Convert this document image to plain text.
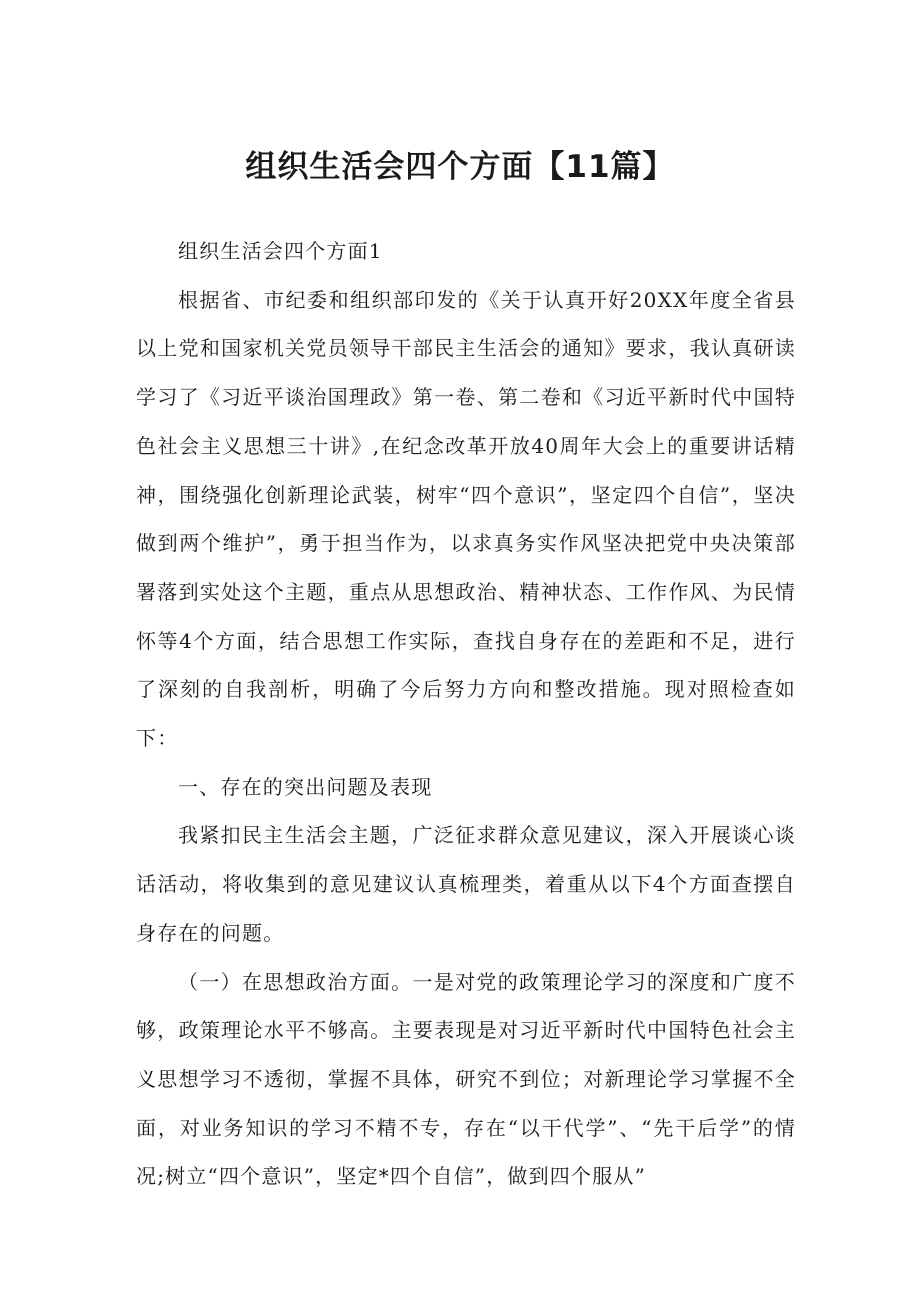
组织生活会四个方面【11篇】

组织生活会四个方面1

根据省、市纪委和组织部印发的《关于认真开好20XX年度全省县以上党和国家机关党员领导干部民主生活会的通知》要求，我认真研读学习了《习近平谈治国理政》第一卷、第二卷和《习近平新时代中国特色社会主义思想三十讲》,在纪念改革开放40周年大会上的重要讲话精神，围绕强化创新理论武装，树牢“四个意识”，坚定四个自信”，坚决做到两个维护”，勇于担当作为，以求真务实作风坚决把党中央决策部署落到实处这个主题，重点从思想政治、精神状态、工作作风、为民情怀等4个方面，结合思想工作实际，查找自身存在的差距和不足，进行了深刻的自我剖析，明确了今后努力方向和整改措施。现对照检查如下：

一、存在的突出问题及表现

我紧扣民主生活会主题，广泛征求群众意见建议，深入开展谈心谈话活动，将收集到的意见建议认真梳理类，着重从以下4个方面查摆自身存在的问题。

（一）在思想政治方面。一是对党的政策理论学习的深度和广度不够，政策理论水平不够高。主要表现是对习近平新时代中国特色社会主义思想学习不透彻，掌握不具体，研究不到位；对新理论学习掌握不全面，对业务知识的学习不精不专，存在“以干代学”、“先干后学”的情况;树立“四个意识”，坚定*四个自信”，做到四个服从”
